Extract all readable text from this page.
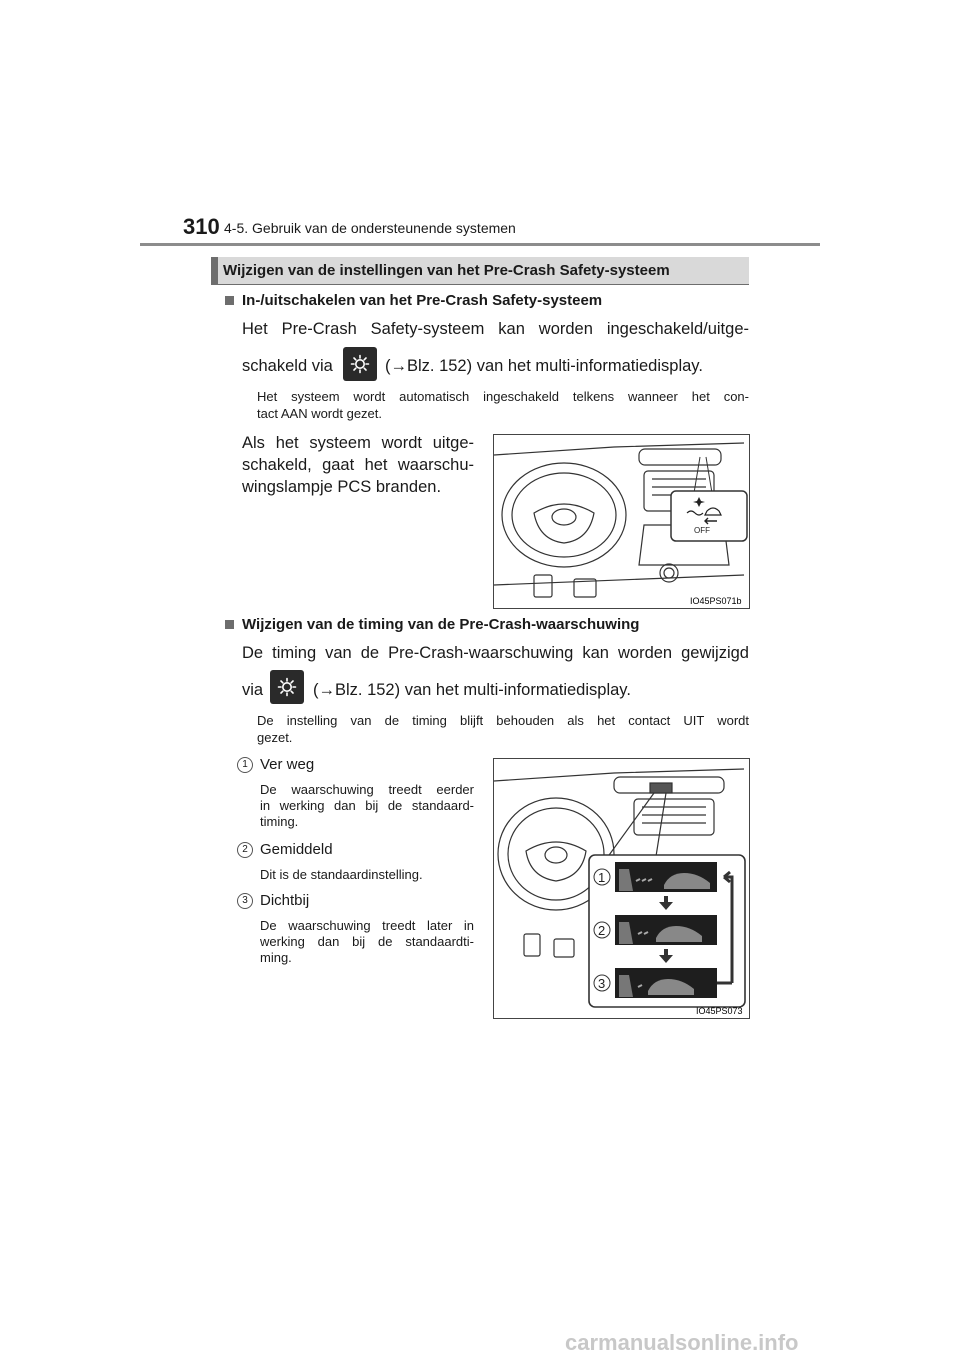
310 4-5. Gebruik van de ondersteunende systemen
Wijzigen van de instellingen van het Pre-Crash Safety-systeem
In-/uitschakelen van het Pre-Crash Safety-systeem
Het Pre-Crash Safety-systeem kan worden ingeschakeld/uitge-
schakeld via	(→Blz. 152) van het multi-informatiedisplay.
Het systeem wordt automatisch ingeschakeld telkens wanneer het con-
tact AAN wordt gezet.
Als het systeem wordt uitge-
schakeld, gaat het waarschu-
wingslampje PCS branden.
OFF
IO45PS071b
Wijzigen van de timing van de Pre-Crash-waarschuwing
De timing van de Pre-Crash-waarschuwing kan worden gewijzigd
via	(→Blz. 152) van het multi-informatiedisplay.
De instelling van de timing blijft behouden als het contact UIT wordt
gezet.
1 Ver weg
De waarschuwing treedt eerder
in werking dan bij de standaard-
timing.
2 Gemiddeld
Dit is de standaardinstelling.
3 Dichtbij
De waarschuwing treedt later in
werking dan bij de standaardti-
ming.
1
2
3
IO45PS073
carmanualsonline.info
